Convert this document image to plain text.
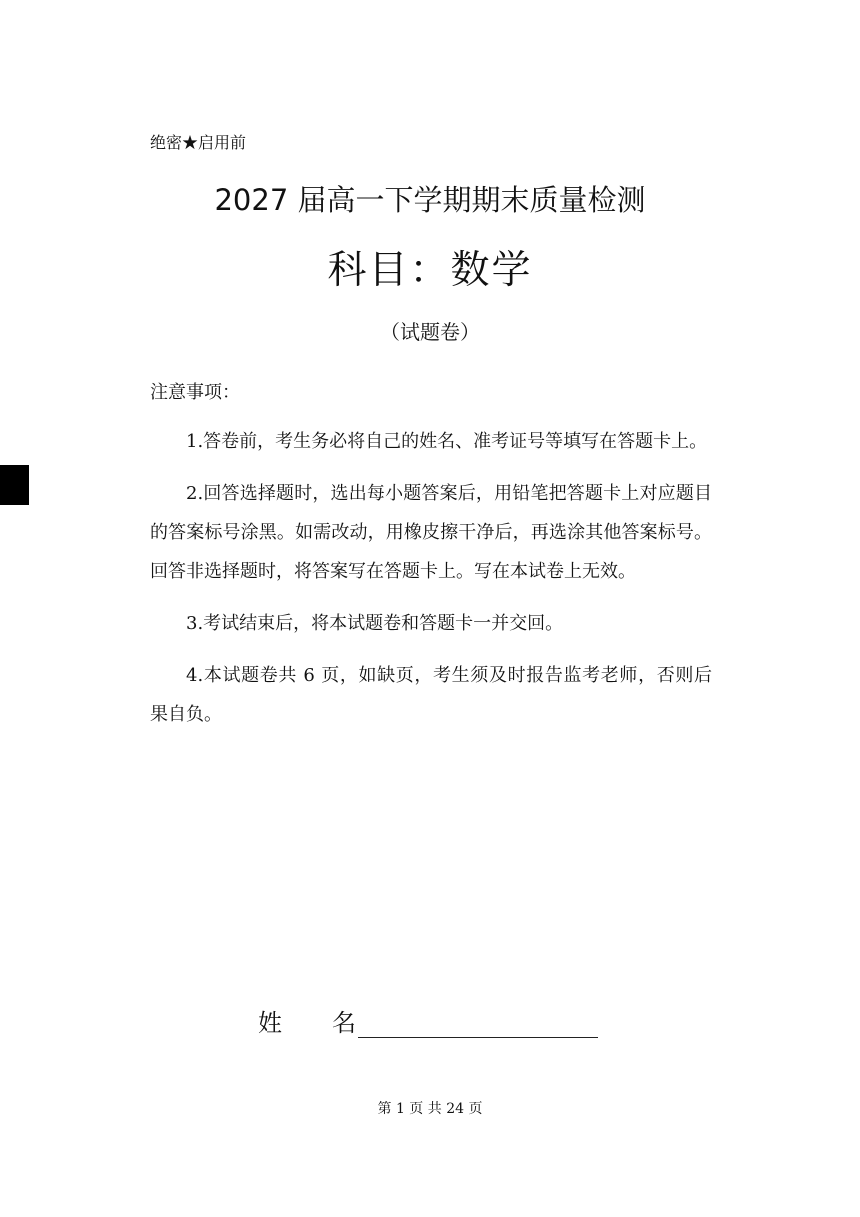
绝密★启用前
2027 届高一下学期期末质量检测
科目：数学
（试题卷）
注意事项：

1.答卷前，考生务必将自己的姓名、准考证号等填写在答题卡上。

2.回答选择题时，选出每小题答案后，用铅笔把答题卡上对应题目的答案标号涂黑。如需改动，用橡皮擦干净后，再选涂其他答案标号。回答非选择题时，将答案写在答题卡上。写在本试卷上无效。

3.考试结束后，将本试题卷和答题卡一并交回。

4.本试题卷共 6 页，如缺页，考生须及时报告监考老师，否则后果自负。

姓 名
第 1 页 共 24 页
